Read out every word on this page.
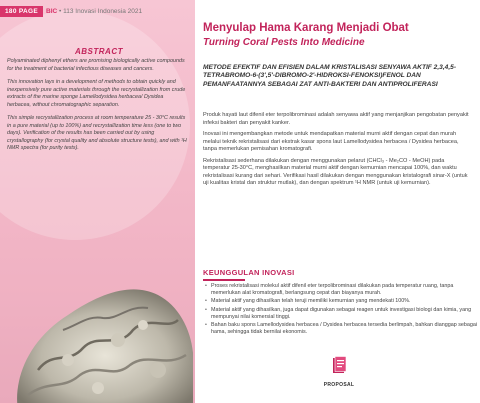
180 PAGE	BIC • 113 Inovasi Indonesia 2021
ABSTRACT

Polyaminated diphenyl ethers are promising biologically active compounds for the treatment of bacterial infectious diseases and cancers.

This innovation lays in a development of methods to obtain quickly and inexpensively pure active materials through the recrystallization from crude extracts of the marine sponge Lamellodysidea herbacea/ Dysidea herbacea, without chromatographic separation.

This simple recrystallization process at room temperature 25 - 30°C results in a pure material (up to 100%) and recrystallization time less (one to two days). Verification of the results has been carried out by using crystallography (for crystal quality and absolute structure tests), and with ¹H NMR spectra (for purity tests).

Menyulap Hama Karang Menjadi Obat
Turning Coral Pests Into Medicine
METODE EFEKTIF DAN EFISIEN DALAM KRISTALISASI SENYAWA AKTIF 2,3,4,5-TETRABROMO-6-(3',5'-DIBROMO-2'-HIDROKSI-FENOKSI)FENOL DAN PEMANFAATANNYA SEBAGAI ZAT ANTI-BAKTERI DAN ANTIPROLIFERASI

Produk hayati laut difenil eter terpolibrominasi adalah senyawa aktif yang menjanjikan pengobatan penyakit infeksi bakteri dan penyakit kanker.

Inovasi ini mengembangkan metode untuk mendapatkan material murni aktif dengan cepat dan murah melalui teknik rekristalisasi dari ekstrak kasar spons laut Lamellodysidea herbacea / Dysidea herbacea, tanpa memerlukan pemisahan kromatografi.

Rekristalisasi sederhana dilakukan dengan menggunakan pelarut (CHCl₃ - Me₂CO - MeOH) pada temperatur 25-30°C, menghasilkan material murni aktif dengan kemurnian mencapai 100%, dan waktu rekristalisasi kurang dari sehari. Verifikasi hasil dilakukan dengan menggunakan kristalografi sinar-X (untuk uji kualitas kristal dan struktur mutlak), dan dengan spektrum ¹H NMR (untuk uji kemurnian).

KEUNGGULAN INOVASI
• Proses rekristalisasi molekul aktif difenil eter terpolibrominasi dilakukan pada temperatur ruang, tanpa memerlukan alat kromatografi, berlangsung cepat dan biayanya murah.
• Material aktif yang dihasilkan telah teruji memiliki kemurnian yang mendekati 100%.
• Material aktif yang dihasilkan, juga dapat digunakan sebagai reagen untuk investigasi biologi dan kimia, yang mempunyai nilai komersial tinggi.
• Bahan baku spons Lamellodysidea herbacea / Dysidea herbacea tersedia berlimpah, bahkan dianggap sebagai hama, sehingga tidak bernilai ekonomis.
PROPOSAL
